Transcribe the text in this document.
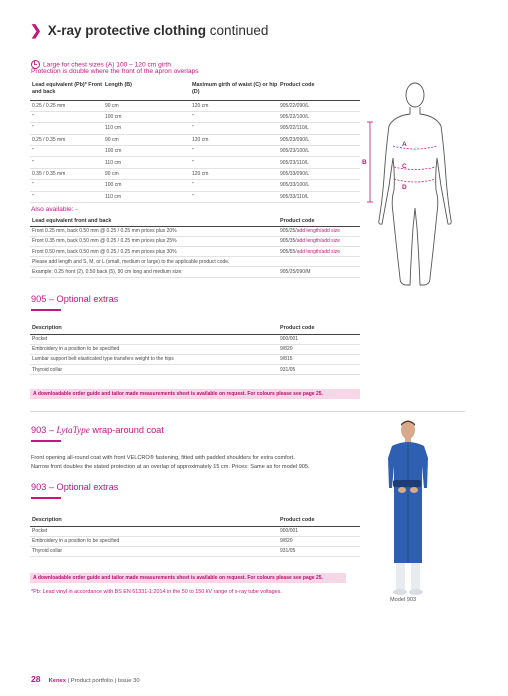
❯ X-ray protective clothing continued
L Large for chest sizes (A) 100 – 120 cm girth
Protection is double where the front of the apron overlaps
Lead equivalent (Pb)* Front and back	Length (B)	Maximum girth of waist (C) or hip (D)	Product code
0.25 / 0.25 mm	90 cm	120 cm	905/22/090/L
"	100 cm	"	905/22/100/L
"	110 cm	"	905/22/110/L
0.25 / 0.35 mm	90 cm	120 cm	905/23/090/L
"	100 cm	"	905/23/100/L
"	110 cm	"	905/23/110/L
0.35 / 0.35 mm	90 cm	120 cm	905/33/090/L
"	100 cm	"	905/33/100/L
"	110 cm	"	905/33/110/L
B
A
C
D
Also available: -
Lead equivalent front and back	Product code
Front 0.25 mm, back 0.50 mm @ 0.25 / 0.25 mm prices plus 20%	905/25/add length/add size
Front 0.35 mm, back 0.50 mm @ 0.25 / 0.25 mm prices plus 25%	905/35/add length/add size
Front 0.50 mm, back 0.50 mm @ 0.25 / 0.25 mm prices plus 30%	905/55/add length/add size
Please add length and S, M, or L (small, medium or large) to the applicable product code.	
Example: 0.25 front (2), 0.50 back (5), 90 cm long and medium size:	905/25/090/M
905 – Optional extras
Description	Product code
Pocket	900/001
Embroidery in a position to be specified	9/820
Lumbar support belt elasticated type transfers weight to the hips	9/815
Thyroid collar	931/05
A downloadable order guide and tailor made measurements sheet is available on request. For colours please see page 25.
903 – LytaType wrap-around coat
Front opening all-round coat with front VELCRO® fastening, fitted with padded shoulders for extra comfort.
Narrow front doubles the stated protection at an overlap of approximately 15 cm. Prices: Same as for model 905.
903 – Optional extras
Description	Product code
Pocket	900/001
Embroidery in a position to be specified	9/820
Thyroid collar	931/05
A downloadable order guide and tailor made measurements sheet is available on request. For colours please see page 25.
*Pb: Lead vinyl in accordance with BS EN 61331-1:2014 in the 50 to 150 kV range of x-ray tube voltages.
Model 903
28 Kenex | Product portfolio | Issue 30
